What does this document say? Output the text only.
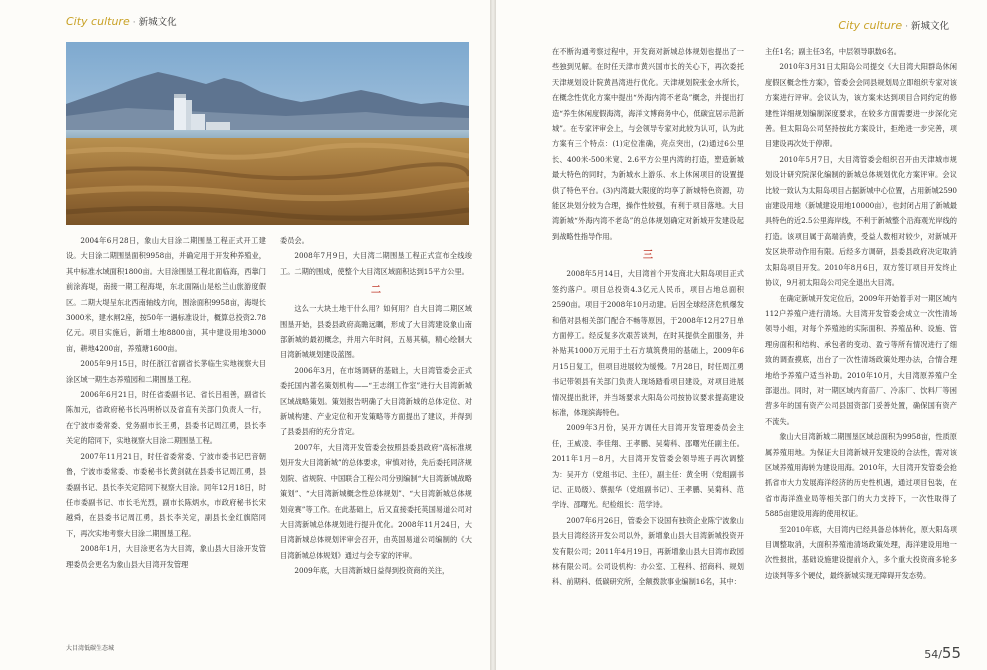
City culture · 新城文化

2004年6月28日，象山大目涂二期围垦工程正式开工建设。大目涂二期围垦面积9958亩，并确定用于开发种养殖业，其中标准水域面积1800亩。大目涂围垦工程北面临海，西靠门前涂海堤，南接一期工程海堤，东北面隔山是松兰山旅游度假区。二期大堤呈东北西南轴线方向，围涂面积9958亩，海堤长3000米，建水闸2座，按50年一遇标准设计，概算总投资2.78亿元。项目实施后，新增土地8800亩，其中建设用地3000亩，耕地4200亩，养殖塘1600亩。

2005年9月15日，时任浙江省副省长茅临生实地视察大目涂区域一期生态养殖园和二期围垦工程。

2006年6月21日，时任省委副书记、省长吕祖善，副省长陈加元，省政府秘书长冯明桥以及省直有关部门负责人一行，在宁波市委常委、党务副市长王勇，县委书记周江勇，县长李关定的陪同下，实地视察大目涂二期围垦工程。

2007年11月21日，时任省委常委、宁波市委书记巴音朝鲁，宁波市委常委、市委秘书长黄剑就在县委书记周江勇，县委副书记、县长李关定陪同下视察大目涂。同年12月18日，时任市委副书记、市长毛光烈，副市长陈炳水，市政府秘书长宋越舜，在县委书记周江勇，县长李关定，副县长金红旗陪同下，再次实地考察大目涂二期围垦工程。

2008年1月，大目涂更名为大目湾，象山县大目涂开发管理委员会更名为象山县大目湾开发管理

委员会。

2008年7月9日，大目湾二期围垦工程正式宣布全线竣工。二期的围成，使整个大目湾区域面积达到15平方公里。

二

这么一大块土地干什么用？如何用？自大目湾二期区域围垦开始，县委县政府高瞻远瞩，形成了大目湾建设象山南部新城的最初概念，并用六年时间，五易其稿，精心绘制大目湾新城规划建设蓝图。

2006年3月，在市场调研的基础上，大目湾管委会正式委托国内著名策划机构——“王志纲工作室”进行大目湾新城区域战略策划。策划报告明确了大目湾新城的总体定位、对新城构建、产业定位和开发策略等方面提出了建议，并得到了县委县府的充分肯定。

2007年，大目湾开发管委会按照县委县政府“高标准规划开发大目湾新城”的总体要求，审慎对待，先后委托同济规划院、省规院、中国联合工程公司分别编制“大目湾新城战略策划”、“大目湾新城概念性总体规划”、“大目湾新城总体规划竞赛”等工作。在此基础上，后又直接委托英国易道公司对大目湾新城总体规划进行提升优化。2008年11月24日，大目湾新城总体规划评审会召开，由英国易道公司编制的《大目湾新城总体规划》通过与会专家的评审。

2009年底，大目湾新城日益得到投资商的关注，

大目湾低碳生态城
City culture · 新城文化

在不断沟通考察过程中，开发商对新城总体规划也提出了一些独到见解。在时任天津市黄兴国市长的关心下，再次委托天津规划设计院黄昌湾进行优化。天津规划院张金水所长，在概念性优化方案中提出“外海内湾不老岛”概念，并提出打造“养生休闲度假海湾，海洋文博商务中心，低碳宜居示范新城”。在专家评审会上，与会领导专家对此较为认可，认为此方案有三个特点：(1)定位准确，亮点突出，(2)通过6公里长、400米-500米宽、2.6平方公里内湾的打造，塑造新城最大特色的同时，为新城水上游乐、水上休闲项目的设置提供了特色平台。(3)内湾最大限度的均享了新城特色资源，功能区块划分较为合理，操作性较强，有利于项目落地。大目湾新城“外海内湾不老岛”的总体规划确定对新城开发建设起到战略性指导作用。

三

2008年5月14日，大目湾首个开发商北大阳岛项目正式签约落户。项目总投资4.3亿元人民币，项目占地总面积2590亩。项目于2008年10月动建。后因全球经济危机爆发和借对县相关部门配合不畅等原因，于2008年12月27日单方面停工。经反复多次艰苦谈判，在时其提供全面服务，并补贴其1000万元用于土石方填筑费用的基础上，2009年6月15日复工，但项目进展较为缓慢。7月28日，时任周江勇书记带领县有关部门负责人现场踏看项目建设，对项目进展情况提出批评，并当场要求大阳岛公司按协议要求提高建设标准，体现滨海特色。

2009年3月份，吴开方调任大目湾开发管理委员会主任，王威凌、李佳翔、王孝鹏、吴菊科、邵曙光任副主任。2011年1月－8月，大目湾开发管委会领导班子再次调整为：吴开方（党组书记、主任），副主任：黄全明（党组副书记、正局级）、蔡振华（党组副书记）、王孝鹏、吴菊科、范学诗、邵曙光。纪检组长：范学诗。

2007年6月26日，管委会下设国有独资企业陈宁波象山县大目湾经济开发公司以外，新增象山县大目湾新城投资开发有限公司；2011年4月19日，再新增象山县大目湾市政园林有限公司。公司设机构：办公室、工程科、招商科、规划科、前期科、低碳研究所，全额拨款事业编制16名，其中：

主任1名；副主任3名，中层领导职数6名。

2010年3月31日太阳岛公司提交《大目湾大阳群岛休闲度假区概念性方案》，管委会会同县规划局立即组织专家对该方案进行评审。会议认为，该方案未达到项目合同约定的修建性详细规划编制深度要求，在较多方面需要进一步深化完善。但太阳岛公司坚持按此方案设计，拒绝进一步完善，项目建设再次处于停滞。

2010年5月7日，大目湾管委会组织召开由天津城市规划设计研究院深化编制的新城总体规划优化方案评审。会议比较一致认为太阳岛项目占据新城中心位置，占用新城2590亩建设用地（新城建设用地10000亩），也封闭占用了新城最具特色的近2.5公里海岸线，不利于新城整个沿海观光岸线的打造。该项目属于高端消费，受益人数相对较少，对新城开发区块带动作用有限。后经多方调研，县委县政府决定取消太阳岛项目开发。2010年8月6日，双方签订项目开发终止协议，9月初太阳岛公司完全退出大目湾。

在确定新城开发定位后，2009年开始着手对一期区域内112户养殖户进行清场。大目湾开发管委会成立一次性清场领导小组，对每个养殖池的实际面积、养殖品种、设施、管理房面积和结构、承包者的变动、盈亏等所有情况进行了细致的调查摸底，出台了一次性清场政策处理办法，合情合理地给予养殖户适当补助。2010年10月，大目湾原养殖户全部退出。同时，对一期区域内育苗厂、冷冻厂、饮料厂等困营多年的国有资产公司县国资部门妥善处置，确保国有资产不流失。

象山大目湾新城二期围垦区域总面积为9958亩，性质原属养殖用地。为保证大目湾新城开发建设的合法性，需对该区域养殖用海转为建设用海。2010年，大目湾开发管委会抢抓省市大力发展海洋经济的历史性机遇，通过项目包装，在省市海洋渔业局等相关部门的大力支持下，一次性取得了5885亩建设用海的使用权证。

至2010年底，大目湾内已经具备总体转化，原大阳岛项目调整取消，大面积养殖池清场政策处理，海洋建设用地一次性报批，基础设施建设提前介入，多个重大投资商多轮多边谈判等多个硬仗，最终新城实现无障碍开发态势。

54/55
